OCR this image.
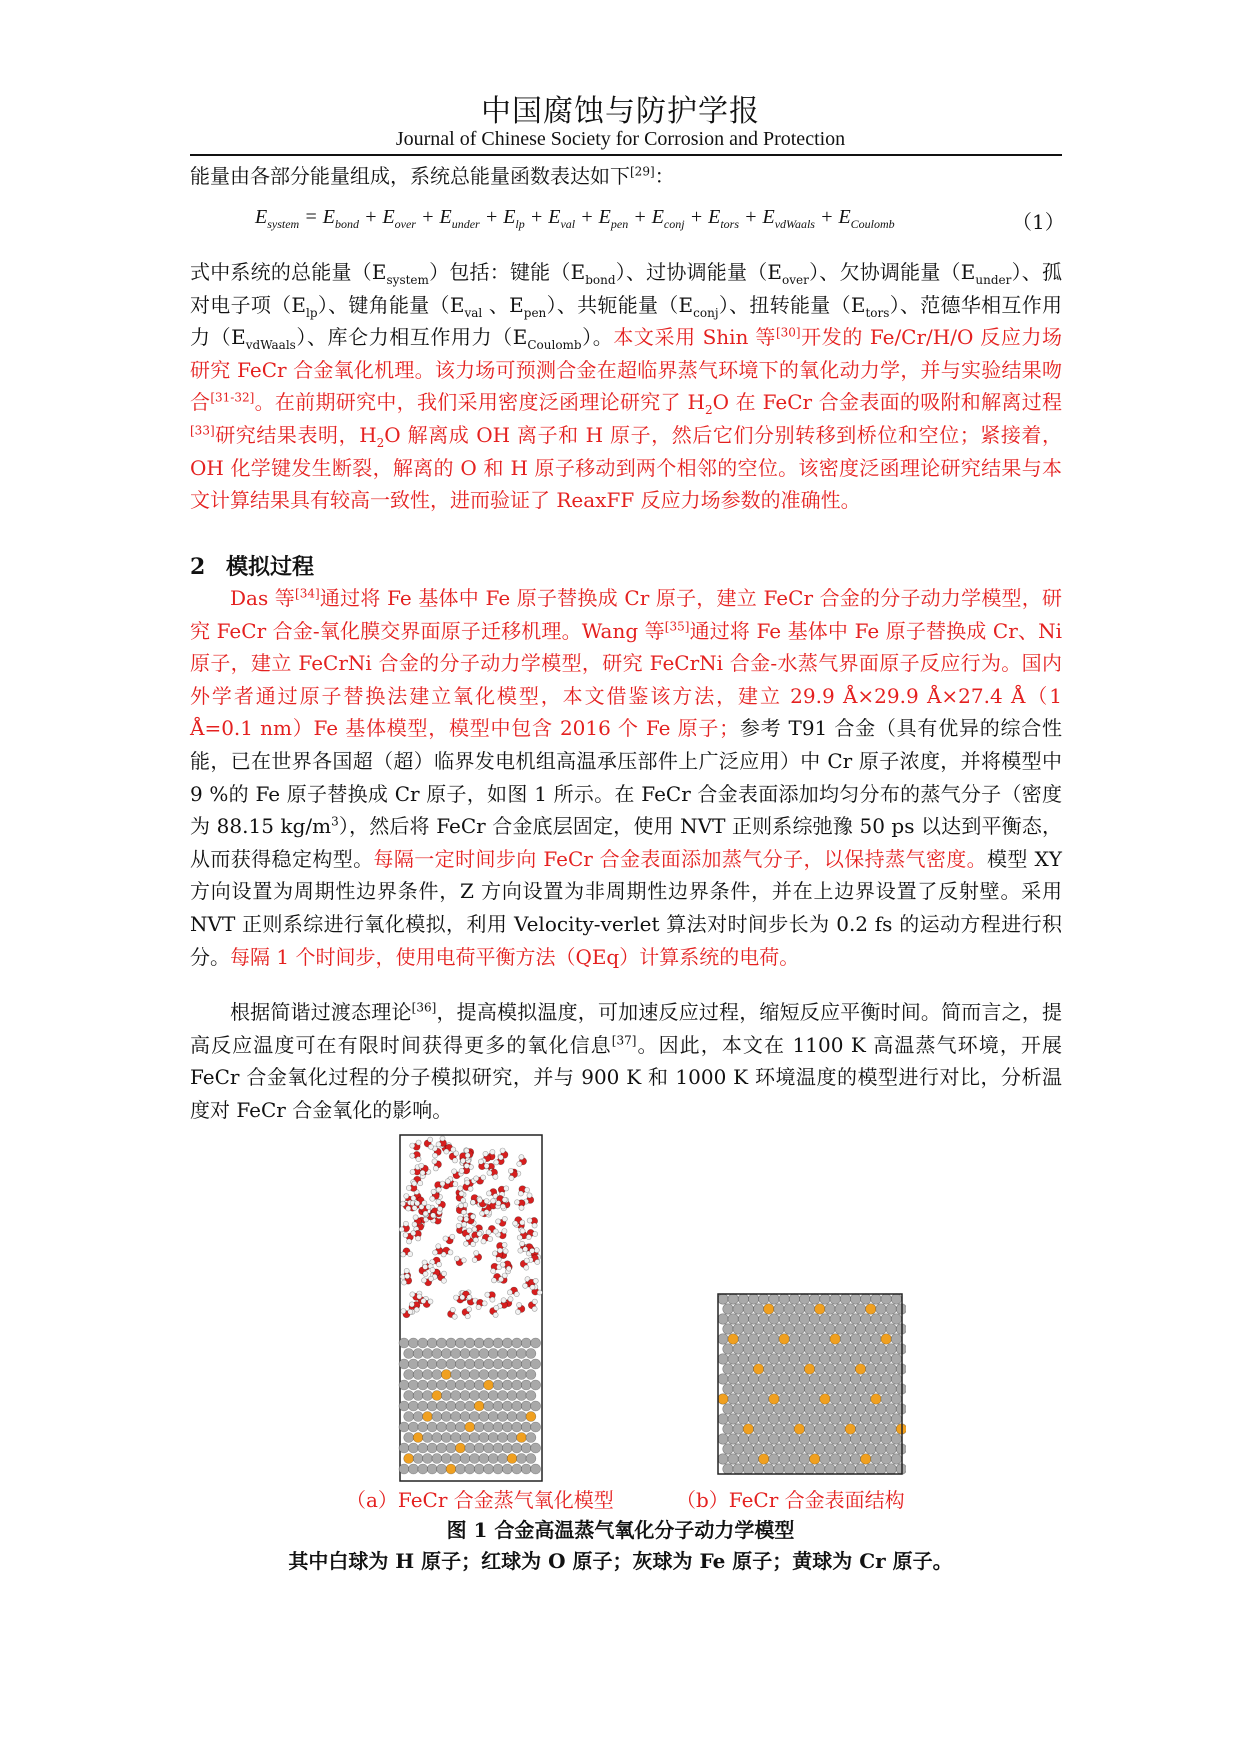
中国腐蚀与防护学报
Journal of Chinese Society for Corrosion and Protection

能量由各部分能量组成，系统总能量函数表达如下[29]：

$E_{system} = E_{bond} + E_{over} + E_{under} + E_{lp} + E_{val} + E_{pen} + E_{conj} + E_{tors} + E_{vdWaals} + E_{Coulomb}$	（1）

式中系统的总能量$(E_{system})$包括：键能$(E_{bond})$、过协调能量$(E_{over})$、欠协调能量$(E_{under})$、孤对电子项$(E_{lp})$、键角能量（$E_{val}$ 、$E_{pen}$）、共轭能量$(E_{conj})$、扭转能量$(E_{tors})$、范德华相互作用力$(E_{vdWaals})$、库仑力相互作用力$(E_{Coulomb})$。本文采用 Shin 等[30]开发的 Fe/Cr/H/O 反应力场研究 FeCr 合金氧化机理。该力场可预测合金在超临界蒸气环境下的氧化动力学，并与实验结果吻合[31-32]。在前期研究中，我们采用密度泛函理论研究了 $H_2O$ 在 FeCr 合金表面的吸附和解离过程[33]研究结果表明，$H_2O$ 解离成 OH 离子和 H 原子，然后它们分别转移到桥位和空位；紧接着，OH 化学键发生断裂，解离的 O 和 H 原子移动到两个相邻的空位。该密度泛函理论研究结果与本文计算结果具有较高一致性，进而验证了 ReaxFF 反应力场参数的准确性。

2 模拟过程

Das 等[34]通过将 Fe 基体中 Fe 原子替换成 Cr 原子，建立 FeCr 合金的分子动力学模型，研究 FeCr 合金-氧化膜交界面原子迁移机理。Wang 等[35]通过将 Fe 基体中 Fe 原子替换成 Cr、Ni 原子，建立 FeCrNi 合金的分子动力学模型，研究 FeCrNi 合金-水蒸气界面原子反应行为。国内外学者通过原子替换法建立氧化模型，本文借鉴该方法，建立 29.9 Å×29.9 Å×27.4 Å（1 Å=0.1 nm）Fe 基体模型，模型中包含 2016 个 Fe 原子；参考 T91 合金（具有优异的综合性能，已在世界各国超（超）临界发电机组高温承压部件上广泛应用）中 Cr 原子浓度，并将模型中 9 %的 Fe 原子替换成 Cr 原子，如图 1 所示。在 FeCr 合金表面添加均匀分布的蒸气分子（密度为 88.15 $kg/m^3$），然后将 FeCr 合金底层固定，使用 NVT 正则系综弛豫 50 ps 以达到平衡态，从而获得稳定构型。每隔一定时间步向 FeCr 合金表面添加蒸气分子，以保持蒸气密度。模型 XY 方向设置为周期性边界条件，Z 方向设置为非周期性边界条件，并在上边界设置了反射壁。采用 NVT 正则系综进行氧化模拟，利用 Velocity-verlet 算法对时间步长为 0.2 fs 的运动方程进行积分。每隔 1 个时间步，使用电荷平衡方法（QEq）计算系统的电荷。

根据简谐过渡态理论[36]，提高模拟温度，可加速反应过程，缩短反应平衡时间。简而言之，提高反应温度可在有限时间获得更多的氧化信息[37]。因此，本文在 1100 K 高温蒸气环境，开展 FeCr 合金氧化过程的分子模拟研究，并与 900 K 和 1000 K 环境温度的模型进行对比，分析温度对 FeCr 合金氧化的影响。

（a）FeCr 合金蒸气氧化模型	（b）FeCr 合金表面结构
图 1 合金高温蒸气氧化分子动力学模型
其中白球为 H 原子；红球为 O 原子；灰球为 Fe 原子；黄球为 Cr 原子。
